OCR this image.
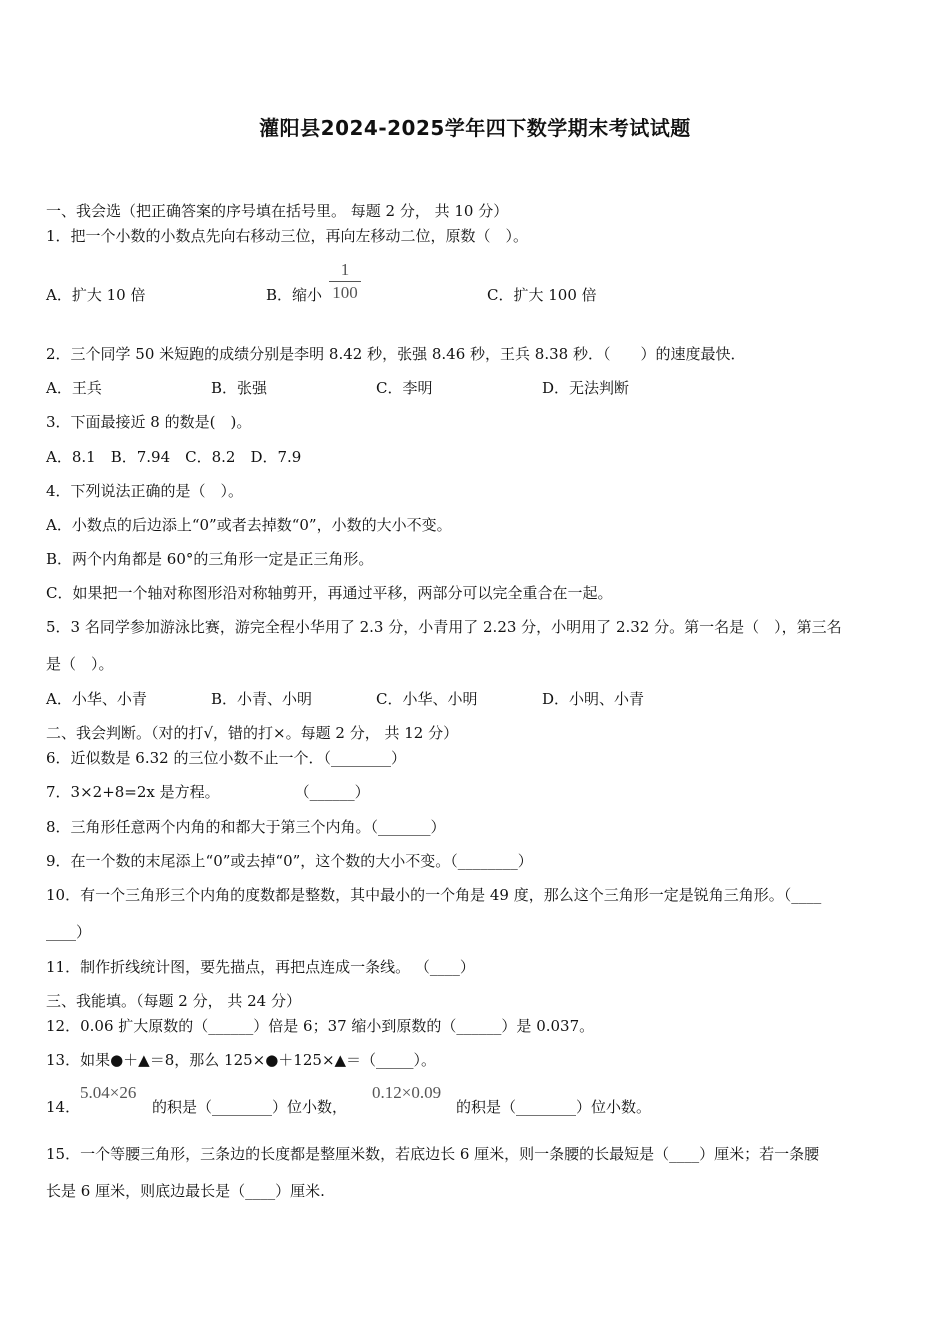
灌阳县2024-2025学年四下数学期末考试试题
一、我会选（把正确答案的序号填在括号里。 每题 2 分， 共 10 分）
1．把一个小数的小数点先向右移动三位，再向左移动二位，原数（　）。
A．扩大 10 倍	B．缩小
1
100	C．扩大 100 倍
2．三个同学 50 米短跑的成绩分别是李明 8.42 秒，张强 8.46 秒，王兵 8.38 秒．（　　）的速度最快．
A．王兵	B．张强	C．李明	D．无法判断
3．下面最接近 8 的数是(　)。
A．8.1　B．7.94　C．8.2　D．7.9
4．下列说法正确的是（　）。
A．小数点的后边添上“0”或者去掉数“0”，小数的大小不变。
B．两个内角都是 60°的三角形一定是正三角形。
C．如果把一个轴对称图形沿对称轴剪开，再通过平移，两部分可以完全重合在一起。
5．3 名同学参加游泳比赛，游完全程小华用了 2.3 分，小青用了 2.23 分，小明用了 2.32 分。第一名是（　），第三名
是（　）。
A．小华、小青	B．小青、小明	C．小华、小明	D．小明、小青
二、我会判断。（对的打√，错的打×。每题 2 分， 共 12 分）
6．近似数是 6.32 的三位小数不止一个．（________）
7．3×2+8=2x 是方程。　　　　　　（______）
8．三角形任意两个内角的和都大于第三个内角。（_______）
9．在一个数的末尾添上“0”或去掉“0”，这个数的大小不变。（________）
10．有一个三角形三个内角的度数都是整数，其中最小的一个角是 49 度，那么这个三角形一定是锐角三角形。（____
____）
11．制作折线统计图，要先描点，再把点连成一条线。 （____）
三、我能填。（每题 2 分， 共 24 分）
12．0.06 扩大原数的（______）倍是 6；37 缩小到原数的（______）是 0.037。
13．如果●＋▲＝8，那么 125×●＋125×▲＝（_____）。
14．
5.04×26
的积是（________）位小数，
0.12×0.09
的积是（________）位小数。
15．一个等腰三角形，三条边的长度都是整厘米数，若底边长 6 厘米，则一条腰的长最短是（____）厘米；若一条腰
长是 6 厘米，则底边最长是（____）厘米.
